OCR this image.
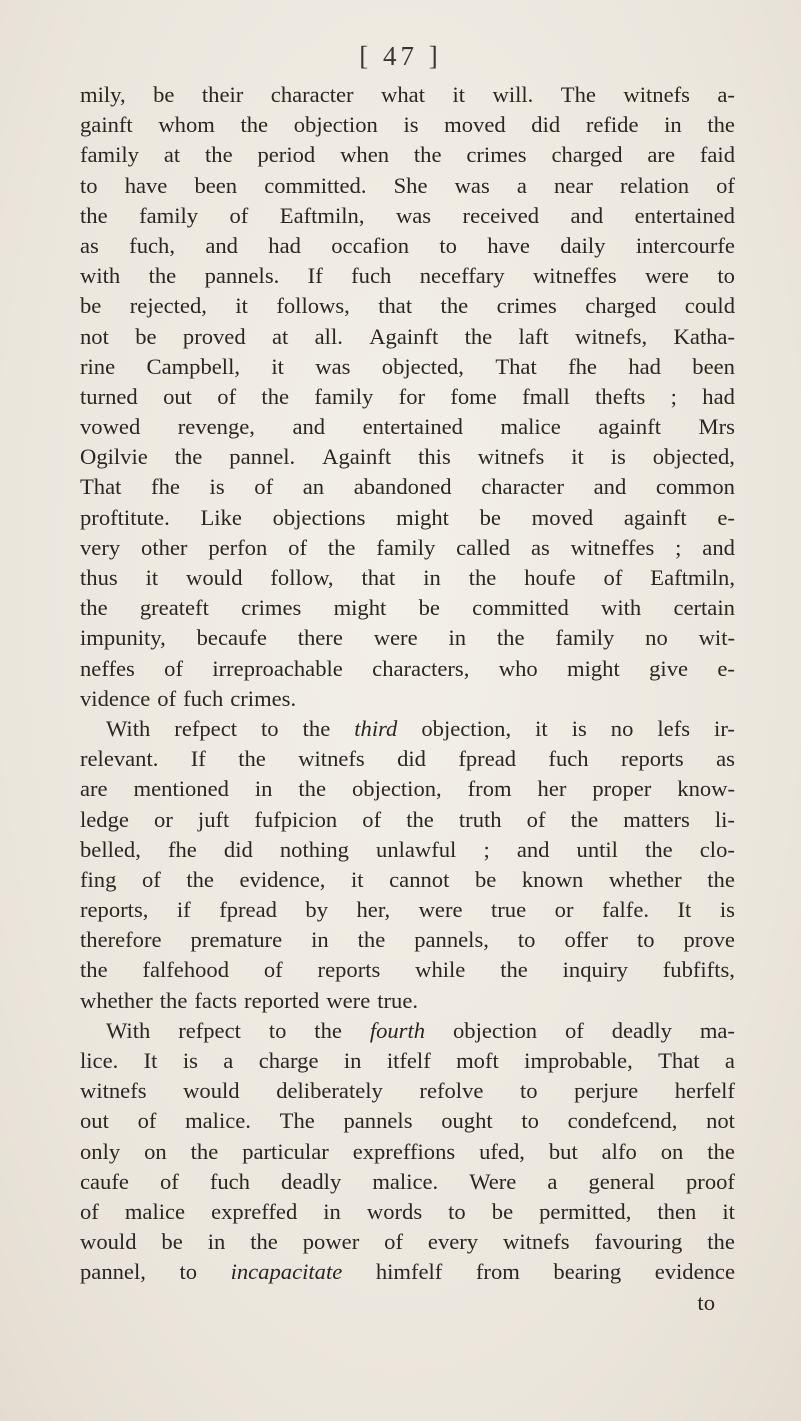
[ 47 ]
mily, be their character what it will. The witnefs a-
gainft whom the objection is moved did refide in the
family at the period when the crimes charged are faid
to have been committed. She was a near relation of
the family of Eaftmiln, was received and entertained
as fuch, and had occafion to have daily intercourfe
with the pannels. If fuch neceffary witneffes were to
be rejected, it follows, that the crimes charged could
not be proved at all. Againft the laft witnefs, Katha-
rine Campbell, it was objected, That fhe had been
turned out of the family for fome fmall thefts ; had
vowed revenge, and entertained malice againft Mrs
Ogilvie the pannel. Againft this witnefs it is objected,
That fhe is of an abandoned character and common
proftitute. Like objections might be moved againft e-
very other perfon of the family called as witneffes ; and
thus it would follow, that in the houfe of Eaftmiln,
the greateft crimes might be committed with certain
impunity, becaufe there were in the family no wit-
neffes of irreproachable characters, who might give e-
vidence of fuch crimes.
With refpect to the third objection, it is no lefs ir-
relevant. If the witnefs did fpread fuch reports as
are mentioned in the objection, from her proper know-
ledge or juft fufpicion of the truth of the matters li-
belled, fhe did nothing unlawful ; and until the clo-
fing of the evidence, it cannot be known whether the
reports, if fpread by her, were true or falfe. It is
therefore premature in the pannels, to offer to prove
the falfehood of reports while the inquiry fubfifts,
whether the facts reported were true.
With refpect to the fourth objection of deadly ma-
lice. It is a charge in itfelf moft improbable, That a
witnefs would deliberately refolve to perjure herfelf
out of malice. The pannels ought to condefcend, not
only on the particular expreffions ufed, but alfo on the
caufe of fuch deadly malice. Were a general proof
of malice expreffed in words to be permitted, then it
would be in the power of every witnefs favouring the
pannel, to incapacitate himfelf from bearing evidence
to
